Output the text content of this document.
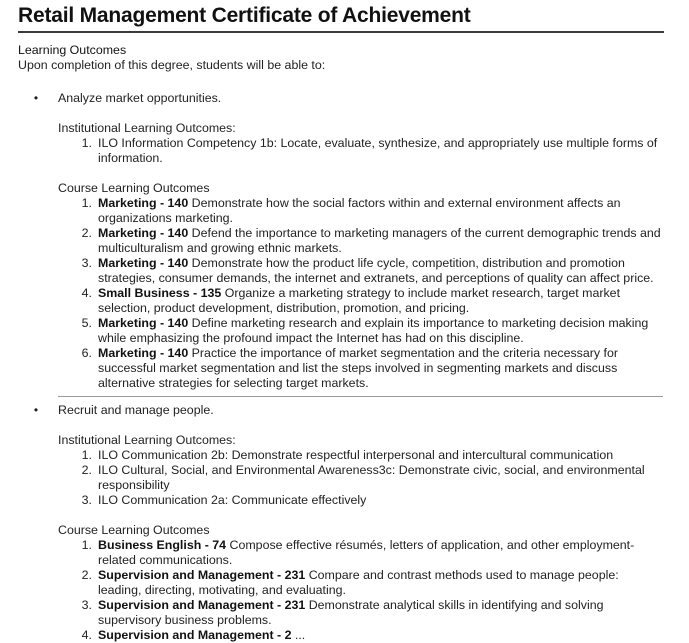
Retail Management Certificate of Achievement
Learning Outcomes
Upon completion of this degree, students will be able to:
• Analyze market opportunities.
Institutional Learning Outcomes:
1. ILO Information Competency 1b: Locate, evaluate, synthesize, and appropriately use multiple forms of information.
Course Learning Outcomes
1. Marketing - 140 Demonstrate how the social factors within and external environment affects an organizations marketing.
2. Marketing - 140 Defend the importance to marketing managers of the current demographic trends and multiculturalism and growing ethnic markets.
3. Marketing - 140 Demonstrate how the product life cycle, competition, distribution and promotion strategies, consumer demands, the internet and extranets, and perceptions of quality can affect price.
4. Small Business - 135 Organize a marketing strategy to include market research, target market selection, product development, distribution, promotion, and pricing.
5. Marketing - 140 Define marketing research and explain its importance to marketing decision making while emphasizing the profound impact the Internet has had on this discipline.
6. Marketing - 140 Practice the importance of market segmentation and the criteria necessary for successful market segmentation and list the steps involved in segmenting markets and discuss alternative strategies for selecting target markets.
• Recruit and manage people.
Institutional Learning Outcomes:
1. ILO Communication 2b: Demonstrate respectful interpersonal and intercultural communication
2. ILO Cultural, Social, and Environmental Awareness3c: Demonstrate civic, social, and environmental responsibility
3. ILO Communication 2a: Communicate effectively
Course Learning Outcomes
1. Business English - 74 Compose effective résumés, letters of application, and other employment-related communications.
2. Supervision and Management - 231 Compare and contrast methods used to manage people: leading, directing, motivating, and evaluating.
3. Supervision and Management - 231 Demonstrate analytical skills in identifying and solving supervisory business problems.
4. Supervision and Management - 2 ...
